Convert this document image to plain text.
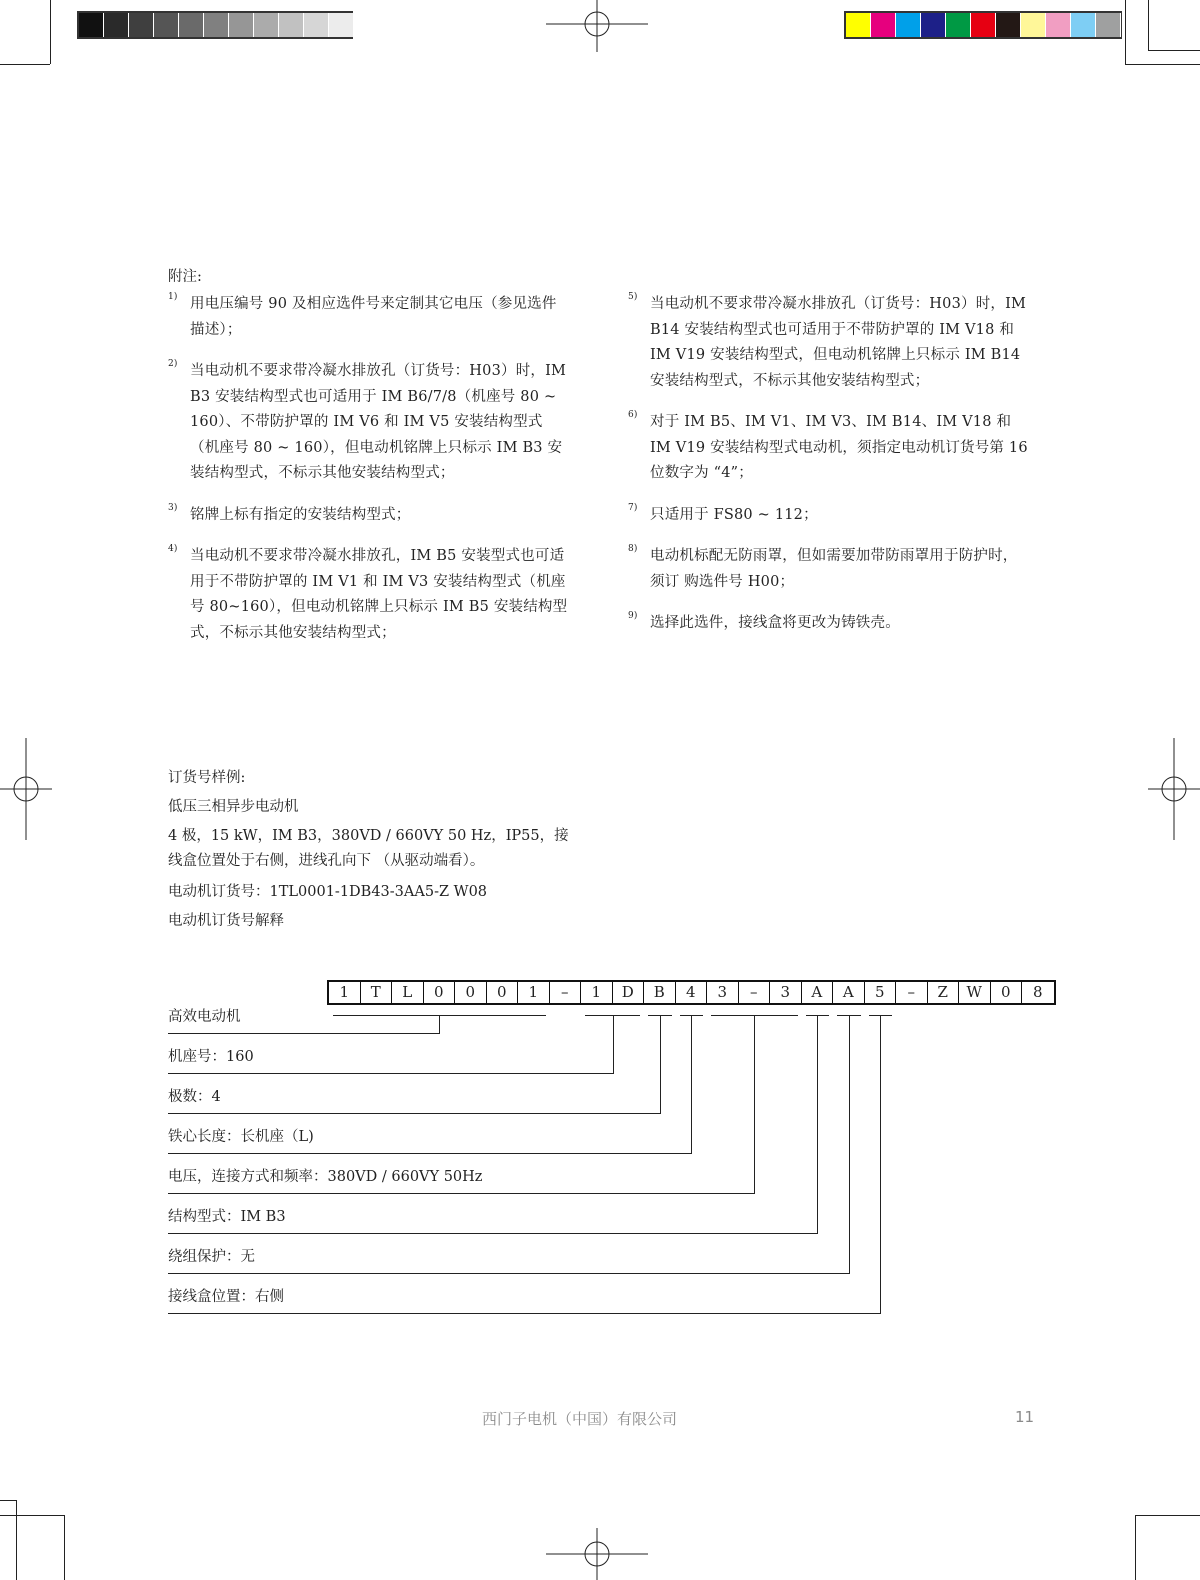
附注:
1) 用电压编号 90 及相应选件号来定制其它电压（参见选件描述）；
2) 当电动机不要求带冷凝水排放孔（订货号：H03）时，IM B3 安装结构型式也可适用于 IM B6/7/8（机座号 80 ~ 160）、不带防护罩的 IM V6 和 IM V5 安装结构型式（机座号 80 ~ 160），但电动机铭牌上只标示 IM B3 安装结构型式，不标示其他安装结构型式；
3) 铭牌上标有指定的安装结构型式；
4) 当电动机不要求带冷凝水排放孔，IM B5 安装型式也可适用于不带防护罩的 IM V1 和 IM V3 安装结构型式（机座号 80~160），但电动机铭牌上只标示 IM B5 安装结构型式，不标示其他安装结构型式；
5) 当电动机不要求带冷凝水排放孔（订货号：H03）时，IM B14 安装结构型式也可适用于不带防护罩的 IM V18 和 IM V19 安装结构型式，但电动机铭牌上只标示 IM B14 安装结构型式，不标示其他安装结构型式；
6) 对于 IM B5、IM V1、IM V3、IM B14、IM V18 和 IM V19 安装结构型式电动机，须指定电动机订货号第 16 位数字为 “4”；
7) 只适用于 FS80 ~ 112；
8) 电动机标配无防雨罩，但如需要加带防雨罩用于防护时，须订 购选件号 H00；
9) 选择此选件，接线盒将更改为铸铁壳。

订货号样例:

低压三相异步电动机

4 极，15 kW，IM B3，380VD / 660VY 50 Hz，IP55，接线盒位置处于右侧，进线孔向下 （从驱动端看）。

电动机订货号：1TL0001-1DB43-3AA5-Z W08

电动机订货号解释

1	T	L	0	0	0	1	–	1	D	B	4	3	–	3	A	A	5	–	Z	W	0	8
高效电动机
机座号：160
极数：4
铁心长度：长机座（L)
电压，连接方式和频率：380VD / 660VY 50Hz
结构型式：IM B3
绕组保护：无
接线盒位置：右侧
西门子电机（中国）有限公司	11
